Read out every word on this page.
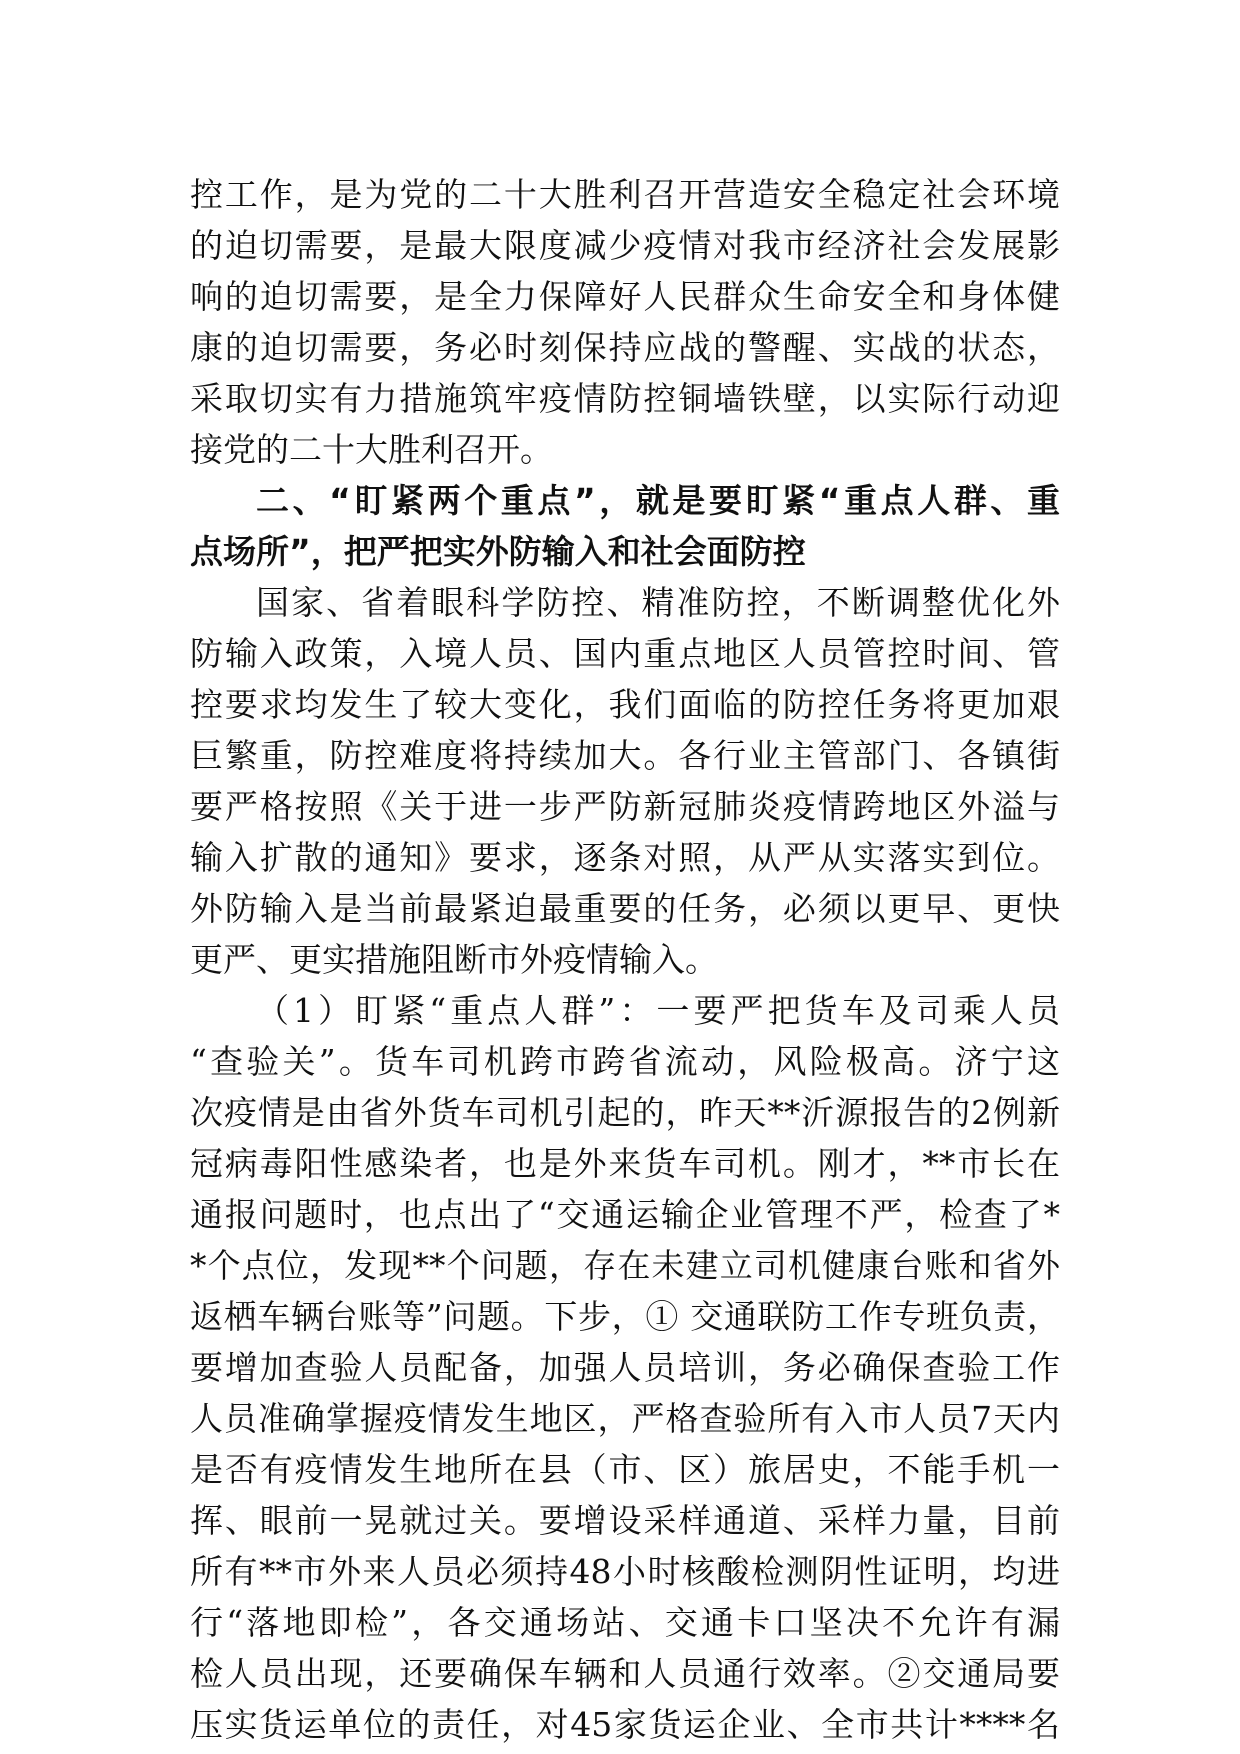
控工作，是为党的二十大胜利召开营造安全稳定社会环境
的迫切需要，是最大限度减少疫情对我市经济社会发展影
响的迫切需要，是全力保障好人民群众生命安全和身体健
康的迫切需要，务必时刻保持应战的警醒、实战的状态，
采取切实有力措施筑牢疫情防控铜墙铁壁，以实际行动迎
接党的二十大胜利召开。
二、“盯紧两个重点”，就是要盯紧“重点人群、重
点场所”，把严把实外防输入和社会面防控
国家、省着眼科学防控、精准防控，不断调整优化外
防输入政策，入境人员、国内重点地区人员管控时间、管
控要求均发生了较大变化，我们面临的防控任务将更加艰
巨繁重，防控难度将持续加大。各行业主管部门、各镇街
要严格按照《关于进一步严防新冠肺炎疫情跨地区外溢与
输入扩散的通知》要求，逐条对照，从严从实落实到位。
外防输入是当前最紧迫最重要的任务，必须以更早、更快
更严、更实措施阻断市外疫情输入。
（1）盯紧“重点人群”：一要严把货车及司乘人员
“查验关”。货车司机跨市跨省流动，风险极高。济宁这
次疫情是由省外货车司机引起的，昨天**沂源报告的2例新
冠病毒阳性感染者，也是外来货车司机。刚才，**市长在
通报问题时，也点出了“交通运输企业管理不严，检查了*
*个点位，发现**个问题，存在未建立司机健康台账和省外
返栖车辆台账等”问题。下步，① 交通联防工作专班负责，
要增加查验人员配备，加强人员培训，务必确保查验工作
人员准确掌握疫情发生地区，严格查验所有入市人员7天内
是否有疫情发生地所在县（市、区）旅居史，不能手机一
挥、眼前一晃就过关。要增设采样通道、采样力量，目前
所有**市外来人员必须持48小时核酸检测阴性证明，均进
行“落地即检”，各交通场站、交通卡口坚决不允许有漏
检人员出现，还要确保车辆和人员通行效率。②交通局要
压实货运单位的责任，对45家货运企业、全市共计****名
